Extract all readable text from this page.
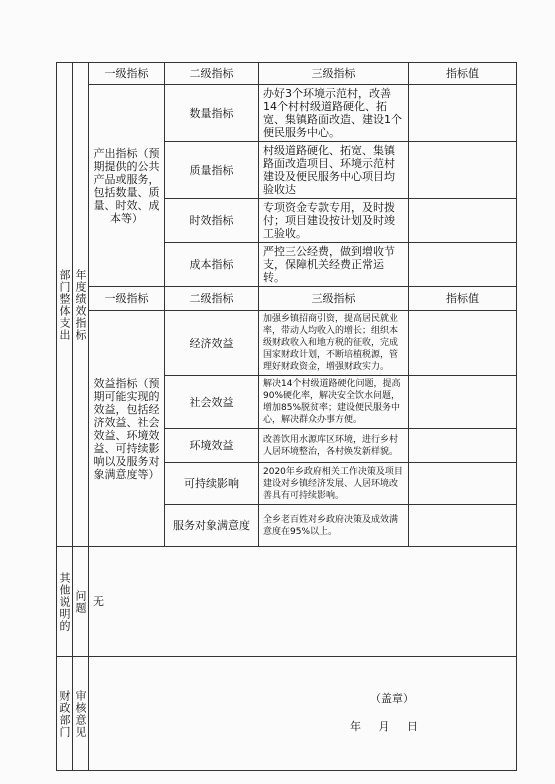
部门整体支出	年度绩效指标	一级指标	二级指标	三级指标	指标值
		产出指标（预期提供的公共产品或服务，包括数量、质量、时效、成本等）	数量指标	办好3个环境示范村，改善14个村村级道路硬化、拓宽、集镇路面改造、建设1个便民服务中心。	
			质量指标	村级道路硬化、拓宽、集镇路面改造项目、环境示范村建设及便民服务中心项目均验收达	
			时效指标	专项资金专款专用，及时拨付；项目建设按计划及时竣工验收。	
			成本指标	严控三公经费，做到增收节支，保障机关经费正常运转。	
		一级指标	二级指标	三级指标	指标值
		效益指标（预期可能实现的效益，包括经济效益、社会效益、环境效益、可持续影响以及服务对象满意度等）	经济效益	加强乡镇招商引资，提高居民就业率，带动人均收入的增长；组织本级财政收入和地方税的征收，完成国家财政计划，不断培植税源，管理好财政资金，增强财政实力。	
			社会效益	解决14个村级道路硬化问题，提高90%硬化率，解决安全饮水问题，增加85%脱贫率；建设便民服务中心，解决群众办事方便。	
			环境效益	改善饮用水源库区环境，进行乡村人居环境整治，各村焕发新样貌。	
			可持续影响	2020年乡政府相关工作决策及项目建设对乡镇经济发展、人居环境改善具有可持续影响。	
			服务对象满意度	全乡老百姓对乡政府决策及成效满意度在95%以上。	

其他说明的	问题	无			

财政部门	审核意见				
		（盖章）
年 月 日
